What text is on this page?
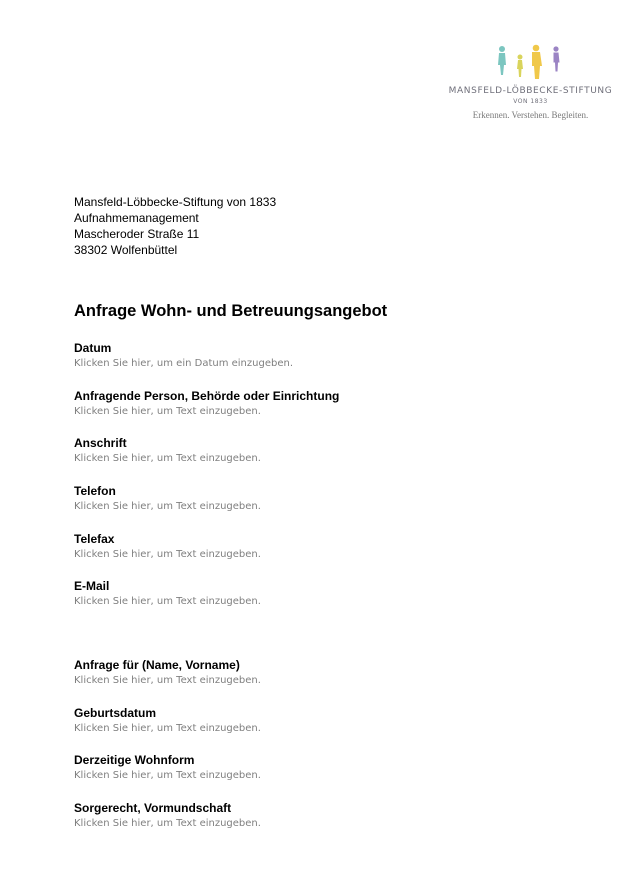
MANSFELD-LÖBBECKE-STIFTUNG
VON 1833
Erkennen. Verstehen. Begleiten.
Mansfeld-Löbbecke-Stiftung von 1833
Aufnahmemanagement
Mascheroder Straße 11
38302 Wolfenbüttel
Anfrage Wohn- und Betreuungsangebot
Datum
Klicken Sie hier, um ein Datum einzugeben.
Anfragende Person, Behörde oder Einrichtung
Klicken Sie hier, um Text einzugeben.
Anschrift
Klicken Sie hier, um Text einzugeben.
Telefon
Klicken Sie hier, um Text einzugeben.
Telefax
Klicken Sie hier, um Text einzugeben.
E-Mail
Klicken Sie hier, um Text einzugeben.
Anfrage für (Name, Vorname)
Klicken Sie hier, um Text einzugeben.
Geburtsdatum
Klicken Sie hier, um Text einzugeben.
Derzeitige Wohnform
Klicken Sie hier, um Text einzugeben.
Sorgerecht, Vormundschaft
Klicken Sie hier, um Text einzugeben.
